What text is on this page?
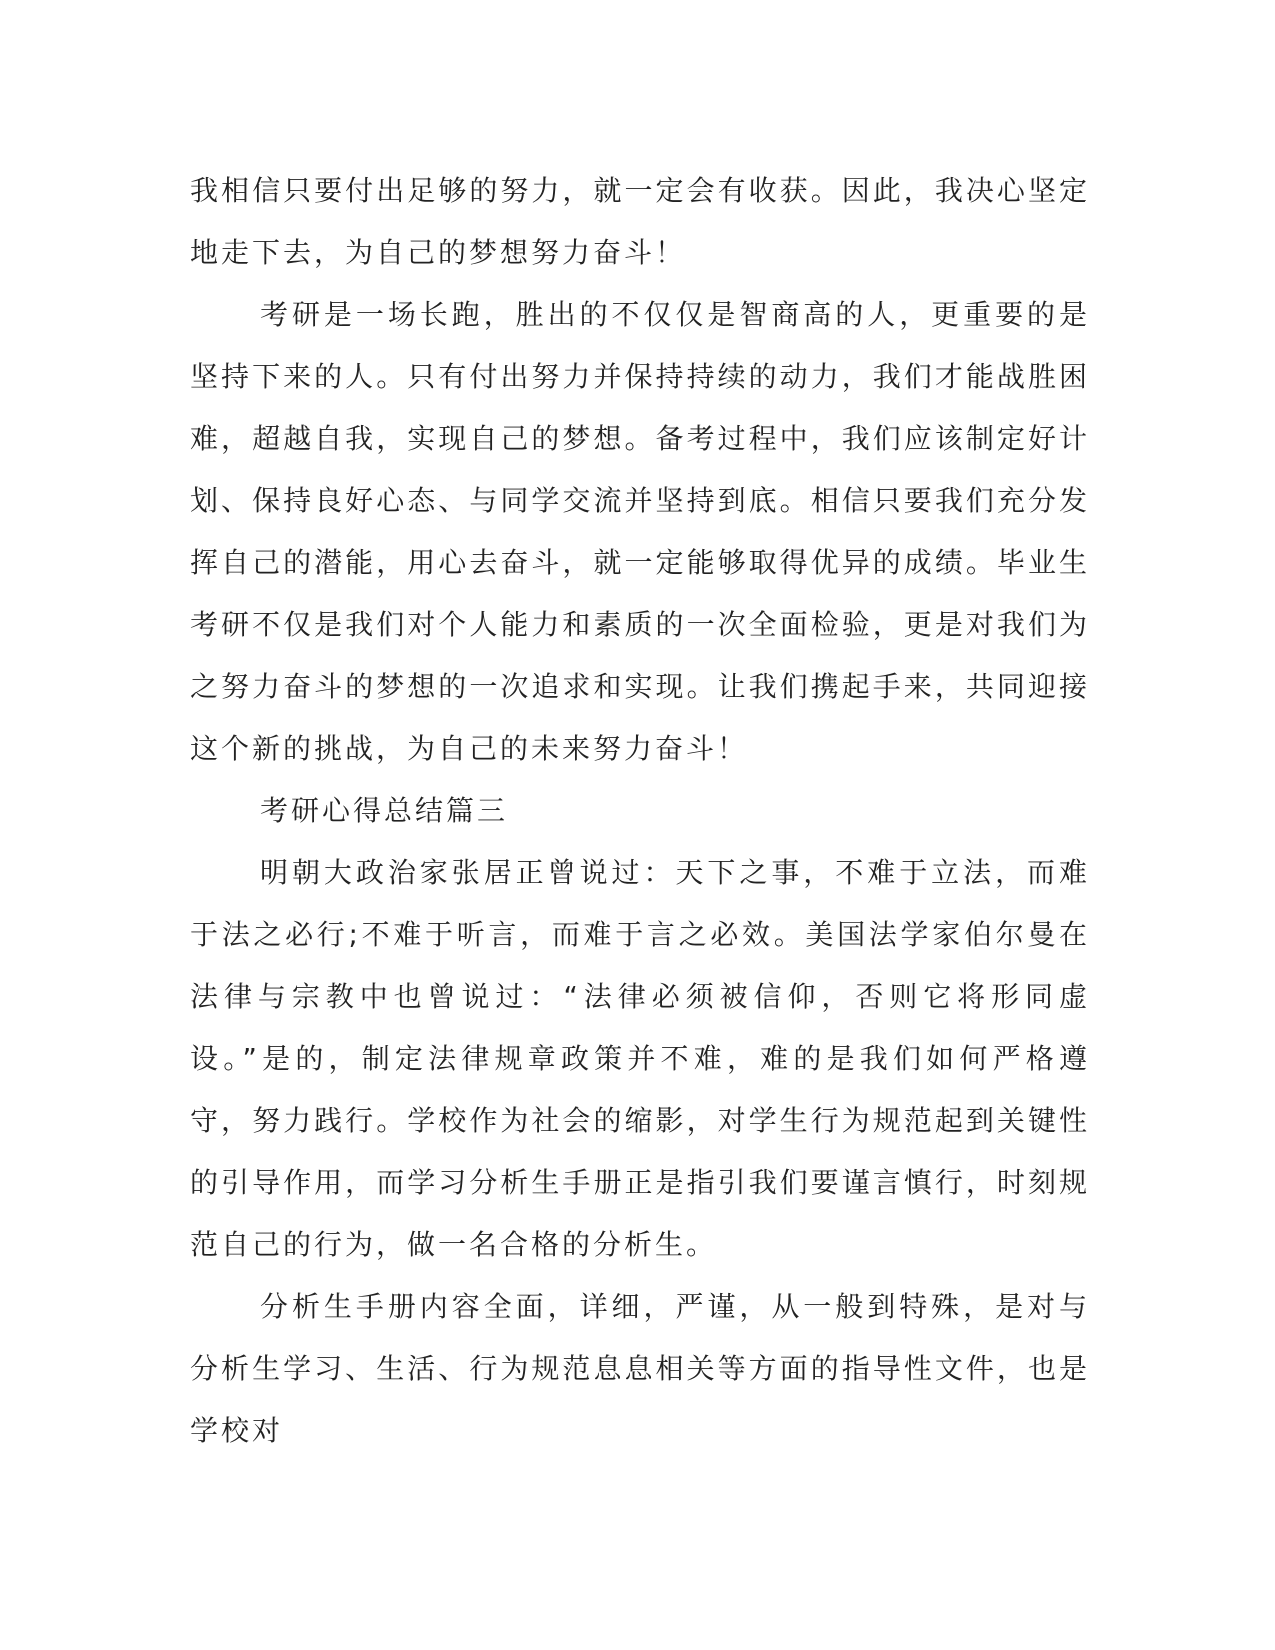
我相信只要付出足够的努力，就一定会有收获。因此，我决心坚定地走下去，为自己的梦想努力奋斗！

考研是一场长跑，胜出的不仅仅是智商高的人，更重要的是坚持下来的人。只有付出努力并保持持续的动力，我们才能战胜困难，超越自我，实现自己的梦想。备考过程中，我们应该制定好计划、保持良好心态、与同学交流并坚持到底。相信只要我们充分发挥自己的潜能，用心去奋斗，就一定能够取得优异的成绩。毕业生考研不仅是我们对个人能力和素质的一次全面检验，更是对我们为之努力奋斗的梦想的一次追求和实现。让我们携起手来，共同迎接这个新的挑战，为自己的未来努力奋斗！

考研心得总结篇三

明朝大政治家张居正曾说过：天下之事，不难于立法，而难于法之必行;不难于听言，而难于言之必效。美国法学家伯尔曼在法律与宗教中也曾说过：“法律必须被信仰，否则它将形同虚设。”是的，制定法律规章政策并不难，难的是我们如何严格遵守，努力践行。学校作为社会的缩影，对学生行为规范起到关键性的引导作用，而学习分析生手册正是指引我们要谨言慎行，时刻规范自己的行为，做一名合格的分析生。

分析生手册内容全面，详细，严谨，从一般到特殊，是对与分析生学习、生活、行为规范息息相关等方面的指导性文件，也是学校对
